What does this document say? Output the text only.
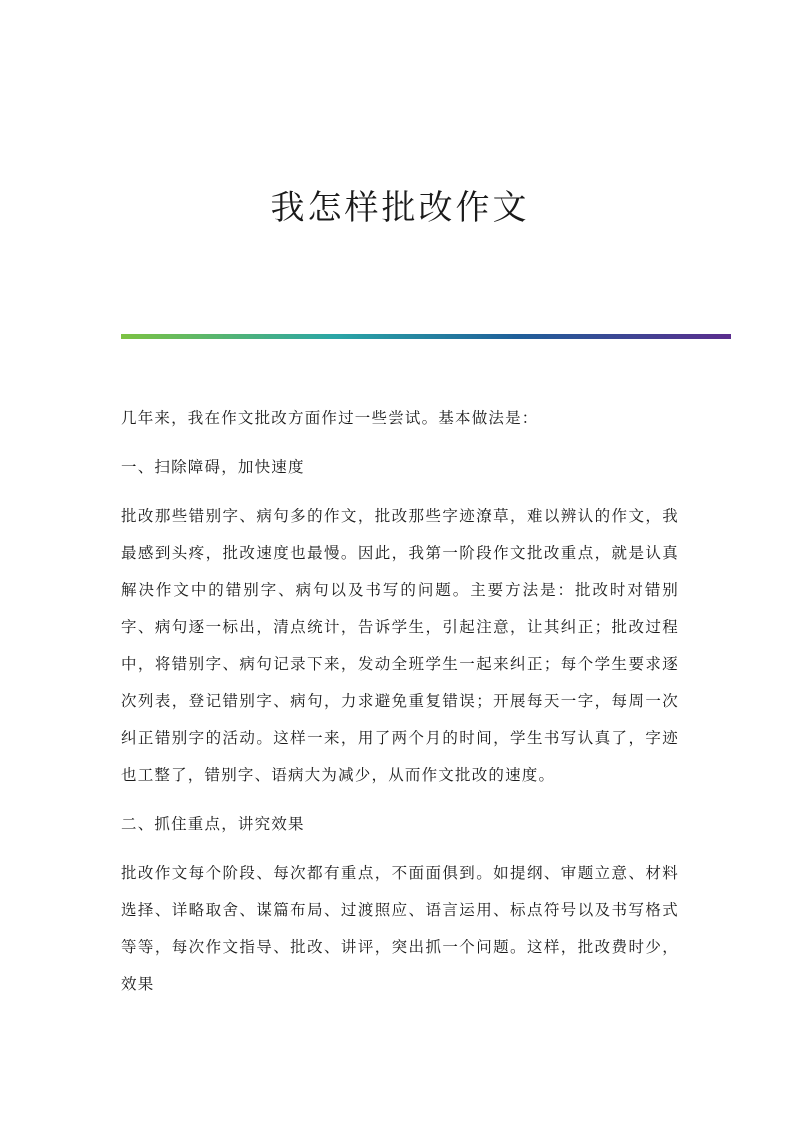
我怎样批改作文

几年来，我在作文批改方面作过一些尝试。基本做法是：

一、扫除障碍，加快速度

批改那些错别字、病句多的作文，批改那些字迹潦草，难以辨认的作文，我最感到头疼，批改速度也最慢。因此，我第一阶段作文批改重点，就是认真解决作文中的错别字、病句以及书写的问题。主要方法是：批改时对错别字、病句逐一标出，清点统计，告诉学生，引起注意，让其纠正；批改过程中，将错别字、病句记录下来，发动全班学生一起来纠正；每个学生要求逐次列表，登记错别字、病句，力求避免重复错误；开展每天一字，每周一次纠正错别字的活动。这样一来，用了两个月的时间，学生书写认真了，字迹也工整了，错别字、语病大为减少，从而作文批改的速度。

二、抓住重点，讲究效果

批改作文每个阶段、每次都有重点，不面面俱到。如提纲、审题立意、材料选择、详略取舍、谋篇布局、过渡照应、语言运用、标点符号以及书写格式等等，每次作文指导、批改、讲评，突出抓一个问题。这样，批改费时少，效果
